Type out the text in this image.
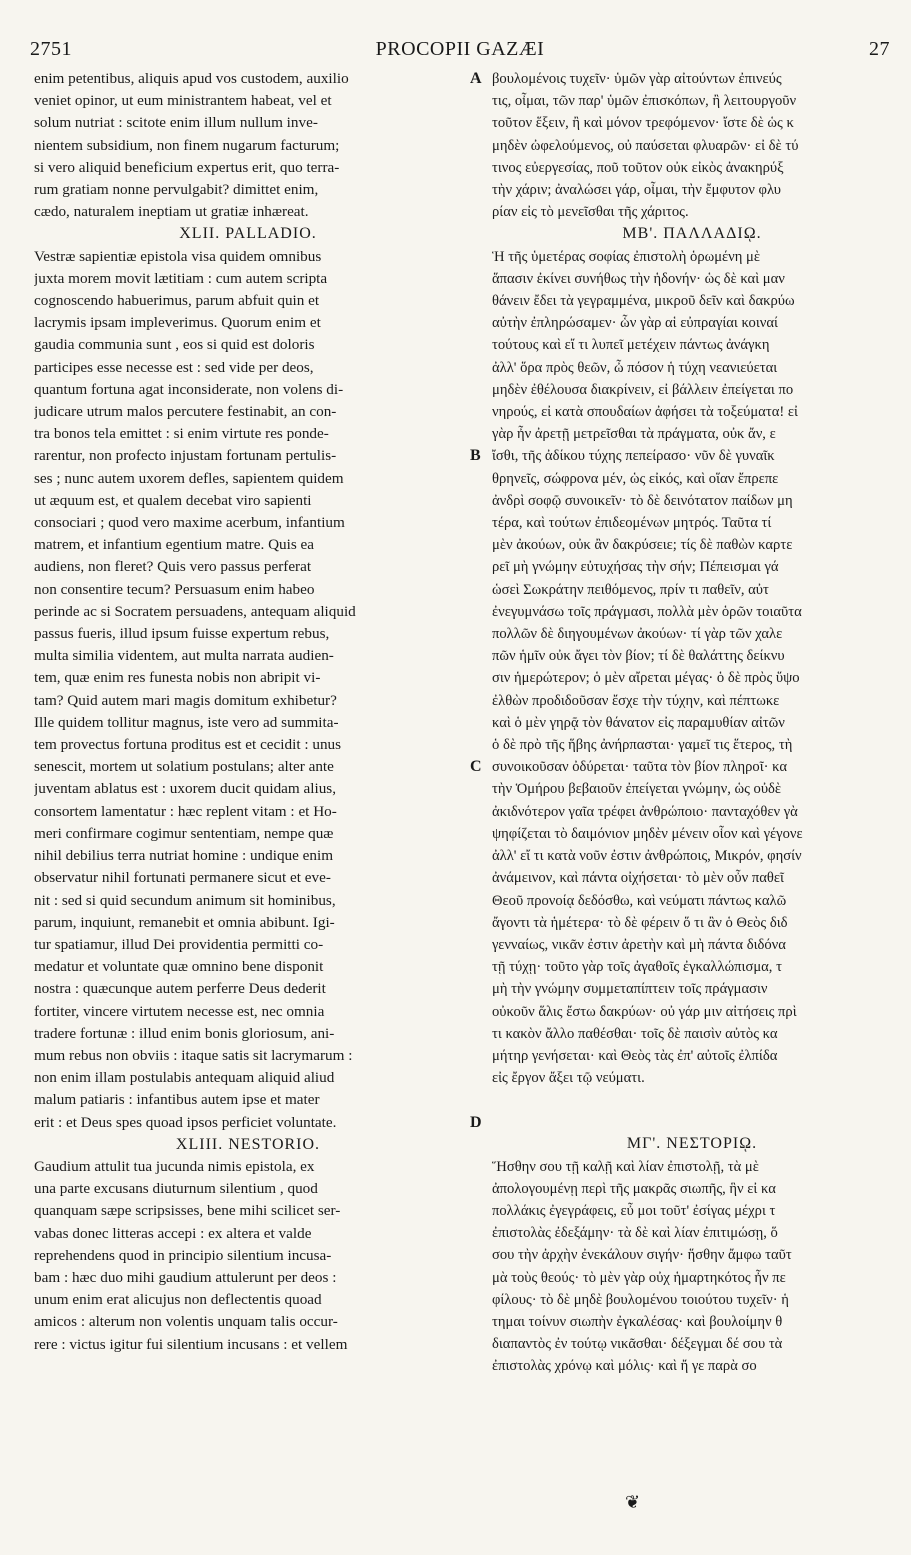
2751	PROCOPII GAZÆI	27
enim petentibus, aliquis apud vos custodem, auxilio
veniet opinor, ut eum ministrantem habeat, vel et
solum nutriat : scitote enim illum nullum inve-
nientem subsidium, non finem nugarum facturum;
si vero aliquid beneficium expertus erit, quo terra-
rum gratiam nonne pervulgabit? dimittet enim,
cædo, naturalem ineptiam ut gratiæ inhæreat.
XLII. PALLADIO.
Vestræ sapientiæ epistola visa quidem omnibus
juxta morem movit lætitiam : cum autem scripta
cognoscendo habuerimus, parum abfuit quin et
lacrymis ipsam impleverimus. Quorum enim et
gaudia communia sunt , eos si quid est doloris
participes esse necesse est : sed vide per deos,
quantum fortuna agat inconsiderate, non volens di-
judicare utrum malos percutere festinabit, an con-
tra bonos tela emittet : si enim virtute res ponde-
rarentur, non profecto injustam fortunam pertulis-
ses ; nunc autem uxorem defles, sapientem quidem
ut æquum est, et qualem decebat viro sapienti
consociari ; quod vero maxime acerbum, infantium
matrem, et infantium egentium matre. Quis ea
audiens, non fleret? Quis vero passus perferat
non consentire tecum? Persuasum enim habeo
perinde ac si Socratem persuadens, antequam aliquid
passus fueris, illud ipsum fuisse expertum rebus,
multa similia videntem, aut multa narrata audien-
tem, quæ enim res funesta nobis non abripit vi-
tam? Quid autem mari magis domitum exhibetur?
Ille quidem tollitur magnus, iste vero ad summita-
tem provectus fortuna proditus est et cecidit : unus
senescit, mortem ut solatium postulans; alter ante
juventam ablatus est : uxorem ducit quidam alius,
consortem lamentatur : hæc replent vitam : et Ho-
meri confirmare cogimur sententiam, nempe quæ
nihil debilius terra nutriat homine : undique enim
observatur nihil fortunati permanere sicut et eve-
nit : sed si quid secundum animum sit hominibus,
parum, inquiunt, remanebit et omnia abibunt. Igi-
tur spatiamur, illud Dei providentia permitti co-
medatur et voluntate quæ omnino bene disponit
nostra : quæcunque autem perferre Deus dederit
fortiter, vincere virtutem necesse est, nec omnia
tradere fortunæ : illud enim bonis gloriosum, ani-
mum rebus non obviis : itaque satis sit lacrymarum :
non enim illam postulabis antequam aliquid aliud
malum patiaris : infantibus autem ipse et mater
erit : et Deus spes quoad ipsos perficiet voluntate.
XLIII. NESTORIO.
Gaudium attulit tua jucunda nimis epistola, ex
una parte excusans diuturnum silentium , quod
quanquam sæpe scripsisses, bene mihi scilicet ser-
vabas donec litteras accepi : ex altera et valde
reprehendens quod in principio silentium incusa-
bam : hæc duo mihi gaudium attulerunt per deos :
unum enim erat alicujus non deflectentis quoad
amicos : alterum non volentis unquam talis occur-
rere : victus igitur fui silentium incusans : et vellem
βουλομένοις τυχεῖν· ὑμῶν γὰρ αἰτούντων ἐπινεύς
τις, οἶμαι, τῶν παρ' ὑμῶν ἐπισκόπων, ἢ λειτουργοῦν
τοῦτον ἕξειν, ἢ καὶ μόνον τρεφόμενον· ἴστε δὲ ὡς κ
μηδὲν ὠφελούμενος, οὐ παύσεται φλυαρῶν· εἰ δὲ τύ
τινος εὐεργεσίας, ποῦ τοῦτον οὐκ εἰκὸς ἀνακηρύξ
τὴν χάριν; ἀναλώσει γάρ, οἶμαι, τὴν ἔμφυτον φλυ
ρίαν εἰς τὸ μενεῖσθαι τῆς χάριτος.
ΜΒ'. ΠΑΛΛΑΔΙῼ.
Ἡ τῆς ὑμετέρας σοφίας ἐπιστολὴ ὁρωμένη μὲ
ἅπασιν ἐκίνει συνήθως τὴν ἡδονήν· ὡς δὲ καὶ μαν
θάνειν ἔδει τὰ γεγραμμένα, μικροῦ δεῖν καὶ δακρύω
αὐτὴν ἐπληρώσαμεν· ὧν γὰρ αἱ εὐπραγίαι κοιναί
τούτους καὶ εἴ τι λυπεῖ μετέχειν πάντως ἀνάγκη
ἀλλ' ὅρα πρὸς θεῶν, ὦ πόσον ἡ τύχη νεανιεύεται
μηδὲν ἐθέλουσα διακρίνειν, εἰ βάλλειν ἐπείγεται πο
νηρούς, εἰ κατὰ σπουδαίων ἀφήσει τὰ τοξεύματα! εἰ
γὰρ ἦν ἀρετῇ μετρεῖσθαι τὰ πράγματα, οὐκ ἄν, ε
ἴσθι, τῆς ἀδίκου τύχης πεπείρασο· νῦν δὲ γυναῖκ
θρηνεῖς, σώφρονα μέν, ὡς εἰκός, καὶ οἵαν ἔπρεπε
ἀνδρὶ σοφῷ συνοικεῖν· τὸ δὲ δεινότατον παίδων μη
τέρα, καὶ τούτων ἐπιδεομένων μητρός. Ταῦτα τί
μὲν ἀκούων, οὐκ ἂν δακρύσειε; τίς δὲ παθὼν καρτε
ρεῖ μὴ γνώμην εὐτυχήσας τὴν σήν; Πέπεισμαι γά
ὡσεὶ Σωκράτην πειθόμενος, πρίν τι παθεῖν, αὐτ
ἐνεγυμνάσω τοῖς πράγμασι, πολλὰ μὲν ὁρῶν τοιαῦτα
πολλῶν δὲ διηγουμένων ἀκούων· τί γὰρ τῶν χαλε
πῶν ἡμῖν οὐκ ἄγει τὸν βίον; τί δὲ θαλάττης δείκνυ
σιν ἡμερώτερον; ὁ μὲν αἴρεται μέγας· ὁ δὲ πρὸς ὕψο
ἐλθὼν προδιδοῦσαν ἔσχε τὴν τύχην, καὶ πέπτωκε
καὶ ὁ μὲν γηρᾷ τὸν θάνατον εἰς παραμυθίαν αἰτῶν
ὁ δὲ πρὸ τῆς ἥβης ἀνήρπασται· γαμεῖ τις ἕτερος, τὴ
συνοικοῦσαν ὀδύρεται· ταῦτα τὸν βίον πληροῖ· κα
τὴν Ὁμήρου βεβαιοῦν ἐπείγεται γνώμην, ὡς οὐδὲ
ἀκιδνότερον γαῖα τρέφει ἀνθρώποιο· πανταχόθεν γὰ
ψηφίζεται τὸ δαιμόνιον μηδὲν μένειν οἷον καὶ γέγονε
ἀλλ' εἴ τι κατὰ νοῦν ἐστιν ἀνθρώποις, Μικρόν, φησίν
ἀνάμεινον, καὶ πάντα οἰχήσεται· τὸ μὲν οὖν παθεῖ
Θεοῦ προνοίᾳ δεδόσθω, καὶ νεύματι πάντως καλῶ
ἄγοντι τὰ ἡμέτερα· τὸ δὲ φέρειν ὅ τι ἂν ὁ Θεὸς διδ
γενναίως, νικᾶν ἐστιν ἀρετὴν καὶ μὴ πάντα διδόνα
τῇ τύχῃ· τοῦτο γὰρ τοῖς ἀγαθοῖς ἐγκαλλώπισμα, τ
μὴ τὴν γνώμην συμμεταπίπτειν τοῖς πράγμασιν
οὐκοῦν ἅλις ἔστω δακρύων· οὐ γάρ μιν αἰτήσεις πρὶ
τι κακὸν ἄλλο παθέσθαι· τοῖς δὲ παισὶν αὐτὸς κα
μήτηρ γενήσεται· καὶ Θεὸς τὰς ἐπ' αὐτοῖς ἐλπίδα
εἰς ἔργον ἄξει τῷ νεύματι.
ΜΓ'. ΝΕΣΤΟΡΙῼ.
Ἥσθην σου τῇ καλῇ καὶ λίαν ἐπιστολῇ, τὰ μὲ
ἀπολογουμένῃ περὶ τῆς μακρᾶς σιωπῆς, ἣν εἰ κα
πολλάκις ἐγεγράφεις, εὖ μοι τοῦτ' ἐσίγας μέχρι τ
ἐπιστολὰς ἐδεξάμην· τὰ δὲ καὶ λίαν ἐπιτιμώσῃ, ὅ
σου τὴν ἀρχὴν ἐνεκάλουν σιγήν· ἥσθην ἄμφω ταῦτ
μὰ τοὺς θεούς· τὸ μὲν γὰρ οὐχ ἡμαρτηκότος ἦν πε
φίλους· τὸ δὲ μηδὲ βουλομένου τοιούτου τυχεῖν· ἡ
τημαι τοίνυν σιωπὴν ἐγκαλέσας· καὶ βουλοίμην θ
διαπαντὸς ἐν τούτῳ νικᾶσθαι· δέξεγμαι δέ σου τὰ
ἐπιστολὰς χρόνῳ καὶ μόλις· καὶ ἤ γε παρὰ σο
A
B
C
D
❦
